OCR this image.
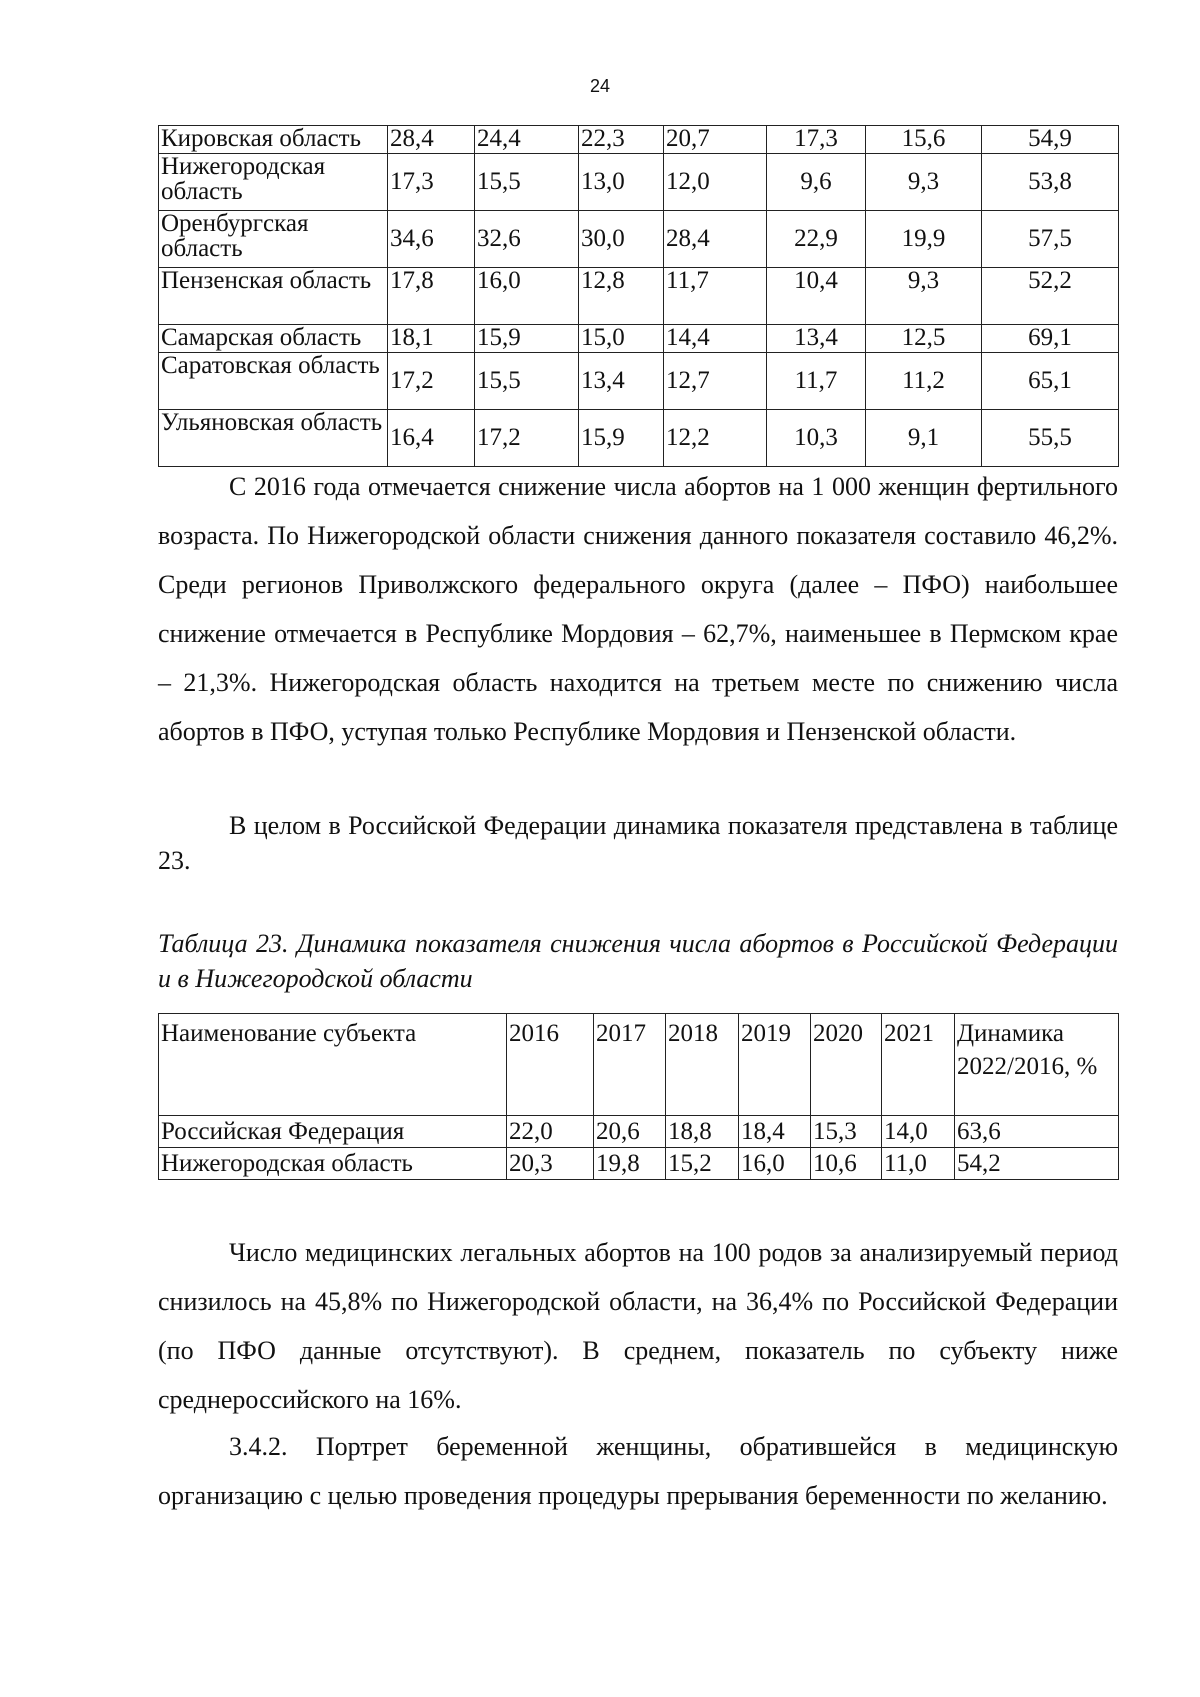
24
Кировская область	28,4	24,4	22,3	20,7	17,3	15,6	54,9
Нижегородская область	17,3	15,5	13,0	12,0	9,6	9,3	53,8
Оренбургская область	34,6	32,6	30,0	28,4	22,9	19,9	57,5
Пензенская область	17,8	16,0	12,8	11,7	10,4	9,3	52,2
Самарская область	18,1	15,9	15,0	14,4	13,4	12,5	69,1
Саратовская область	17,2	15,5	13,4	12,7	11,7	11,2	65,1
Ульяновская область	16,4	17,2	15,9	12,2	10,3	9,1	55,5

С 2016 года отмечается снижение числа абортов на 1 000 женщин фертильного возраста. По Нижегородской области снижения данного показателя составило 46,2%. Среди регионов Приволжского федерального округа (далее – ПФО) наибольшее снижение отмечается в Республике Мордовия – 62,7%, наименьшее в Пермском крае – 21,3%. Нижегородская область находится на третьем месте по снижению числа абортов в ПФО, уступая только Республике Мордовия и Пензенской области.

В целом в Российской Федерации динамика показателя представлена в таблице 23.

Таблица 23. Динамика показателя снижения числа абортов в Российской Федерации и в Нижегородской области

Наименование субъекта	2016	2017	2018	2019	2020	2021	Динамика 2022/2016, %
Российская Федерация	22,0	20,6	18,8	18,4	15,3	14,0	63,6
Нижегородская область	20,3	19,8	15,2	16,0	10,6	11,0	54,2

Число медицинских легальных абортов на 100 родов за анализируемый период снизилось на 45,8% по Нижегородской области, на 36,4% по Российской Федерации (по ПФО данные отсутствуют). В среднем, показатель по субъекту ниже среднероссийского на 16%.

3.4.2. Портрет беременной женщины, обратившейся в медицинскую организацию с целью проведения процедуры прерывания беременности по желанию.
